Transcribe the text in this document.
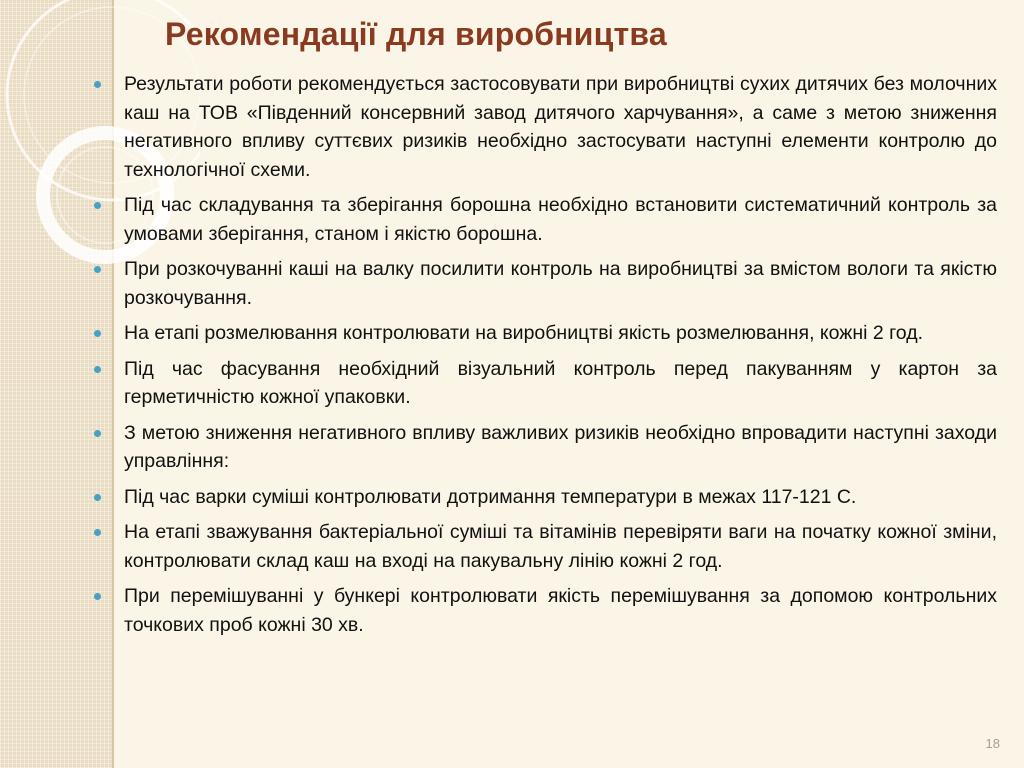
Рекомендації для виробництва
Результати роботи рекомендується застосовувати при виробництві сухих дитячих без молочних каш на ТОВ «Південний консервний завод дитячого харчування», а саме з метою зниження негативного впливу суттєвих ризиків необхідно застосувати наступні елементи контролю до технологічної схеми.
Під час складування та зберігання борошна необхідно встановити систематичний контроль за умовами зберігання, станом і якістю борошна.
При розкочуванні каші на валку посилити контроль на виробництві за вмістом вологи та якістю розкочування.
На етапі розмелювання контролювати на виробництві якість розмелювання, кожні 2 год.
Під час фасування необхідний візуальний контроль перед пакуванням у картон за герметичністю кожної упаковки.
З метою зниження негативного впливу важливих ризиків необхідно впровадити наступні заходи управління:
Під час варки суміші контролювати дотримання температури в межах 117-121 С.
На етапі зважування бактеріальної суміші та вітамінів перевіряти ваги на початку кожної зміни, контролювати склад каш на вході на пакувальну лінію кожні 2 год.
При перемішуванні у бункері контролювати якість перемішування за допомою контрольних точкових проб кожні 30 хв.
18
